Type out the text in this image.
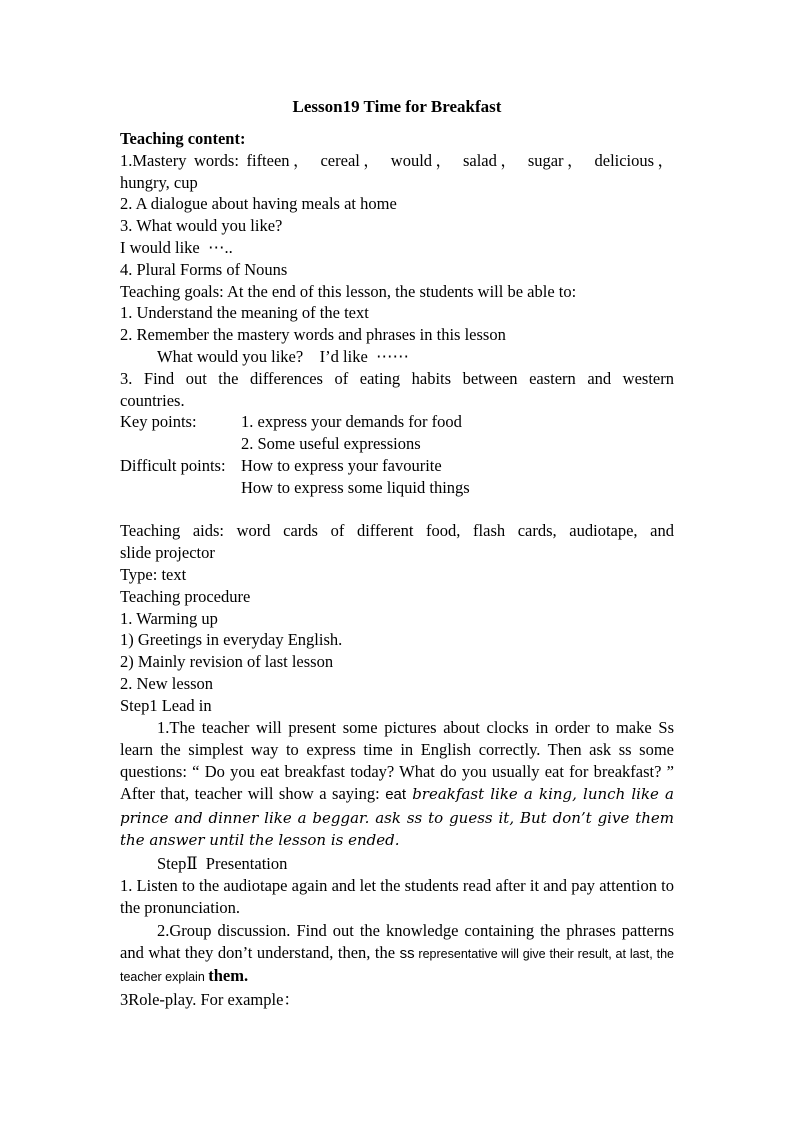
Lesson19 Time for Breakfast
Teaching content:
1.Mastery words: fifteen， cereal， would， salad， sugar， delicious，
hungry, cup
2. A dialogue about having meals at home
3. What would you like?
I would like  ⋯..
4. Plural Forms of Nouns
Teaching goals: At the end of this lesson, the students will be able to:
1. Understand the meaning of the text
2. Remember the mastery words and phrases in this lesson
What would you like?    I’d like  ⋯⋯
3. Find out the differences of eating habits between eastern and western
countries.
Key points:	1. express your demands for food
2. Some useful expressions
Difficult points: How to express your favourite
How to express some liquid things
Teaching aids: word cards of different food, flash cards, audiotape, and
slide projector
Type: text
Teaching procedure
1. Warming up
1) Greetings in everyday English.
2) Mainly revision of last lesson
2. New lesson
Step1 Lead in

1.The teacher will present some pictures about clocks in order to make Ss learn the simplest way to express time in English correctly. Then ask ss some questions: “ Do you eat breakfast today? What do you usually eat for breakfast? ” After that, teacher will show a saying: eat breakfast like a king, lunch like a prince and dinner like a beggar. ask ss to guess it, But don’t give them the answer until the lesson is ended.

StepⅡ  Presentation

1. Listen to the audiotape again and let the students read after it and pay attention to the pronunciation.

2.Group discussion. Find out the knowledge containing the phrases patterns and what they don’t understand, then, the ss representative will give their result, at last, the teacher explain them.

3Role-play. For example：
